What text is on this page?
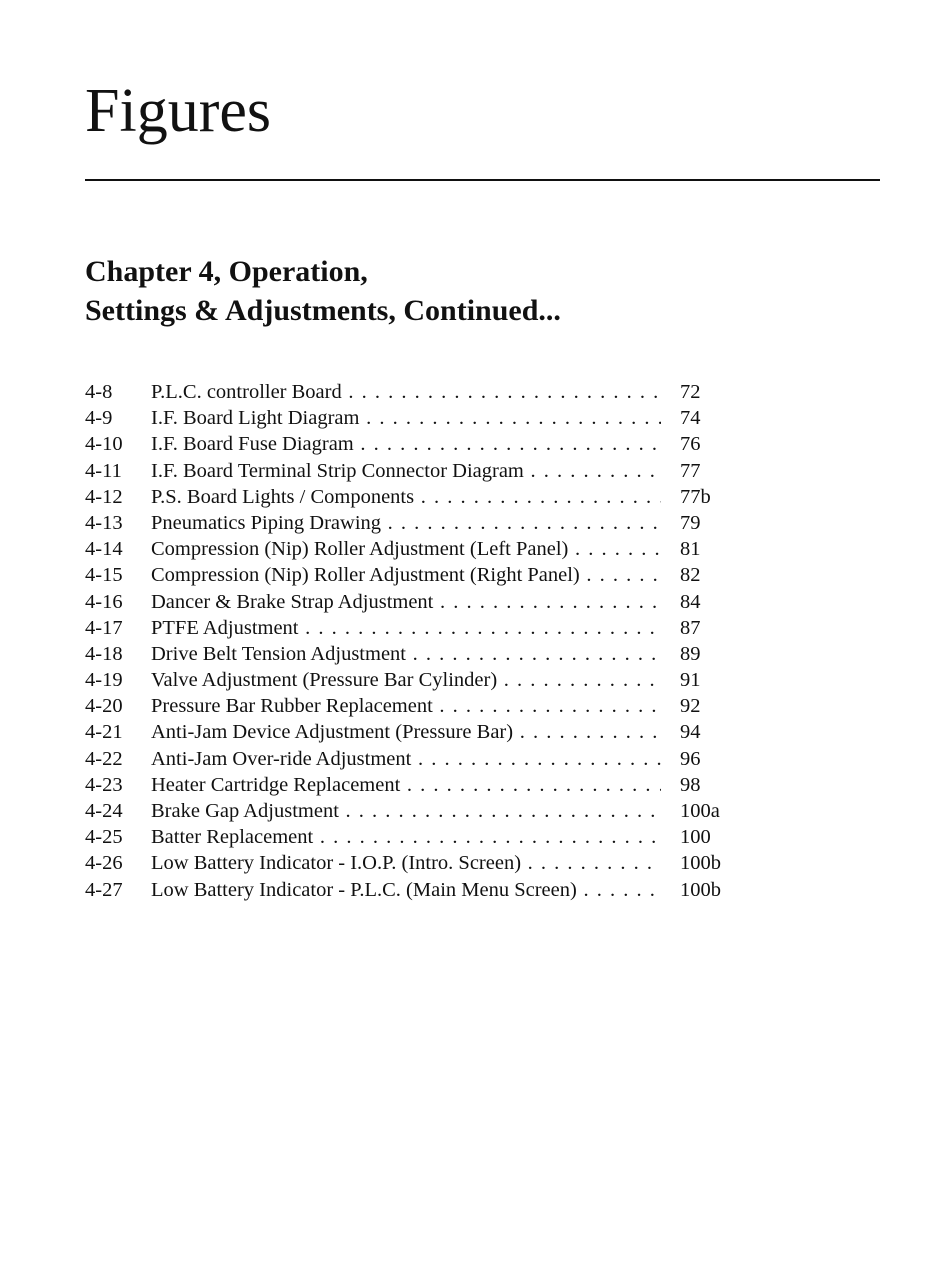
Figures
Chapter 4, Operation,
Settings & Adjustments, Continued...
4-8 P.L.C. controller Board . . .	72
4-9 I.F. Board Light Diagram . . .	74
4-10 I.F. Board Fuse Diagram . . .	76
4-11 I.F. Board Terminal Strip Connector Diagram . . .	77
4-12 P.S. Board Lights / Components . . .	77b
4-13 Pneumatics Piping Drawing . . .	79
4-14 Compression (Nip) Roller Adjustment (Left Panel) . . .	81
4-15 Compression (Nip) Roller Adjustment (Right Panel) . . .	82
4-16 Dancer & Brake Strap Adjustment . . .	84
4-17 PTFE Adjustment . . .	87
4-18 Drive Belt Tension Adjustment . . .	89
4-19 Valve Adjustment (Pressure Bar Cylinder) . . .	91
4-20 Pressure Bar Rubber Replacement . . .	92
4-21 Anti-Jam Device Adjustment (Pressure Bar) . . .	94
4-22 Anti-Jam Over-ride Adjustment . . .	96
4-23 Heater Cartridge Replacement . . .	98
4-24 Brake Gap Adjustment . . .	100a
4-25 Batter Replacement . . .	100
4-26 Low Battery Indicator - I.O.P. (Intro. Screen) . . .	100b
4-27 Low Battery Indicator - P.L.C. (Main Menu Screen) . . .	100b
